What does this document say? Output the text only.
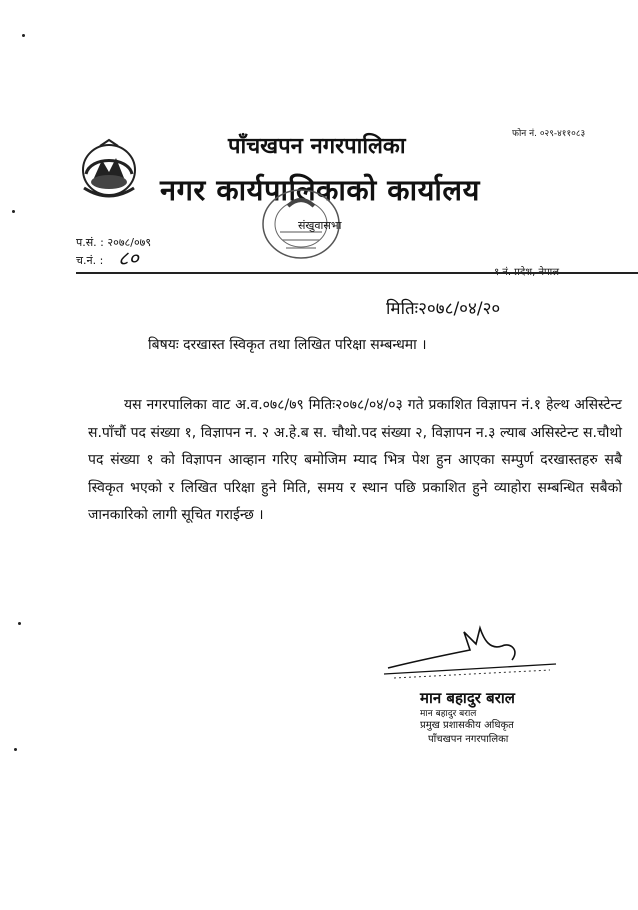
पाँचखपन नगरपालिका
नगर कार्यपालिकाको कार्यालय
फोन नं. ०२९-४११०८३
संखुवासभा
प.सं. : २०७८/०७९
च.नं. : ८०
मितिः२०७८/०४/२०
बिषयः दरखास्त स्विकृत तथा लिखित परिक्षा सम्बन्धमा ।

यस नगरपालिका वाट अ.व.०७८/७९ मितिः२०७८/०४/०३ गते प्रकाशित विज्ञापन नं.१ हेल्थ असिस्टेन्ट स.पाँचौं पद संख्या १, विज्ञापन न. २ अ.हे.ब स. चौथो.पद संख्या २, विज्ञापन न.३ ल्याब असिस्टेन्ट स.चौथो पद संख्या १ को विज्ञापन आव्हान गरिए बमोजिम म्याद भित्र पेश हुन आएका सम्पुर्ण दरखास्तहरु सबै स्विकृत भएको र लिखित परिक्षा हुने मिति, समय र स्थान पछि प्रकाशित हुने व्याहोरा सम्बन्धित सबैको जानकारिको लागी सूचित गराईन्छ ।

मान बहादुर बराल
मान बहादुर बराल
प्रमुख प्रशासकीय अधिकृत
पाँचखपन नगरपालिका
